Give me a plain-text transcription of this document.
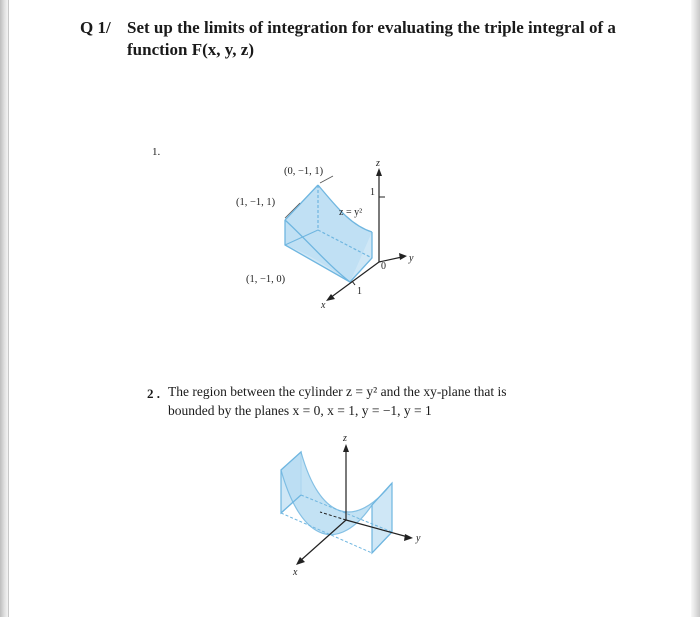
Q 1/ Set up the limits of integration for evaluating the triple integral of a
function F(x, y, z)
1.
(0, −1, 1)
(1, −1, 1)
(1, −1, 0)
z = y²
z
y
x
1
0
1
2 . The region between the cylinder z = y² and the xy-plane that is
bounded by the planes x = 0, x = 1, y = −1, y = 1
z
y
x
